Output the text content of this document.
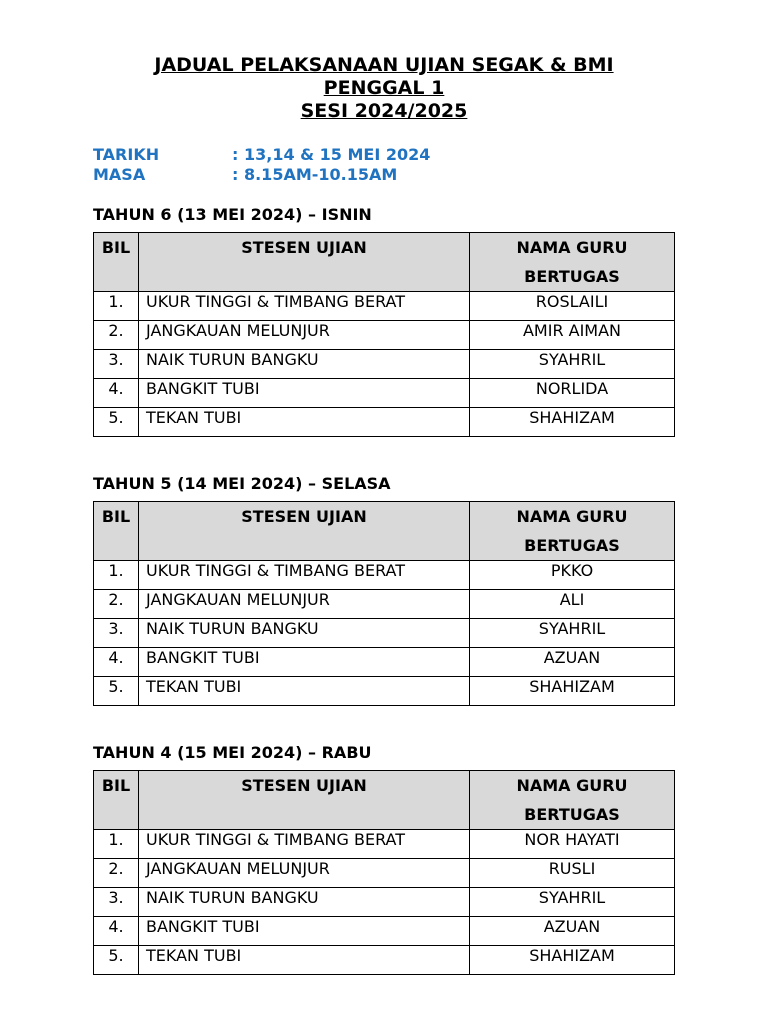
JADUAL PELAKSANAAN UJIAN SEGAK & BMI
PENGGAL 1
SESI 2024/2025
TARIKH	: 13,14 & 15 MEI 2024
MASA	: 8.15AM-10.15AM
TAHUN 6 (13 MEI 2024) – ISNIN
BIL	STESEN UJIAN	NAMA GURU
BERTUGAS
1.	UKUR TINGGI & TIMBANG BERAT	ROSLAILI
2.	JANGKAUAN MELUNJUR	AMIR AIMAN
3.	NAIK TURUN BANGKU	SYAHRIL
4.	BANGKIT TUBI	NORLIDA
5.	TEKAN TUBI	SHAHIZAM
TAHUN 5 (14 MEI 2024) – SELASA
BIL	STESEN UJIAN	NAMA GURU
BERTUGAS
1.	UKUR TINGGI & TIMBANG BERAT	PKKO
2.	JANGKAUAN MELUNJUR	ALI
3.	NAIK TURUN BANGKU	SYAHRIL
4.	BANGKIT TUBI	AZUAN
5.	TEKAN TUBI	SHAHIZAM
TAHUN 4 (15 MEI 2024) – RABU
BIL	STESEN UJIAN	NAMA GURU
BERTUGAS
1.	UKUR TINGGI & TIMBANG BERAT	NOR HAYATI
2.	JANGKAUAN MELUNJUR	RUSLI
3.	NAIK TURUN BANGKU	SYAHRIL
4.	BANGKIT TUBI	AZUAN
5.	TEKAN TUBI	SHAHIZAM
